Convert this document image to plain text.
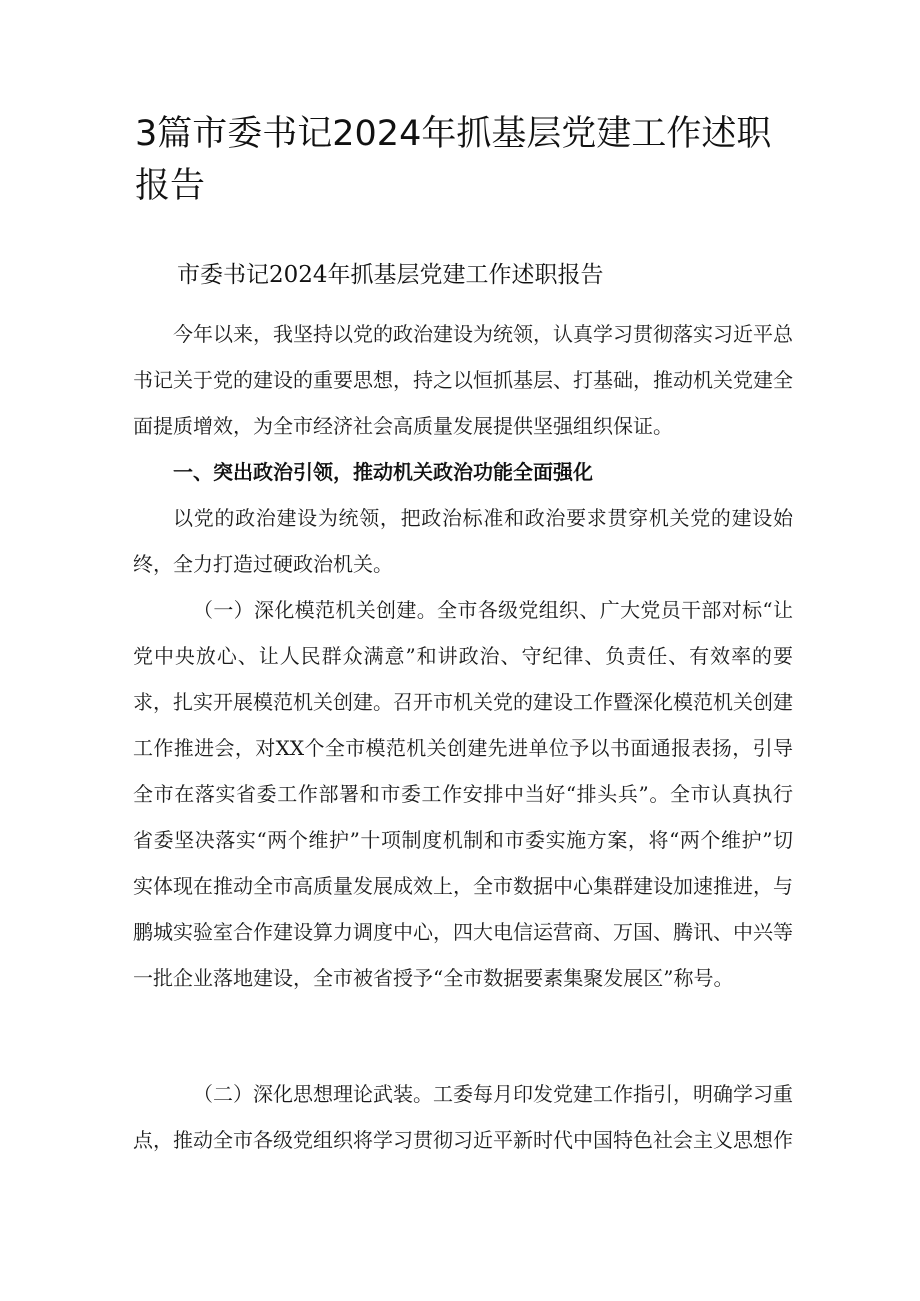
3篇市委书记2024年抓基层党建工作述职报告
市委书记2024年抓基层党建工作述职报告

今年以来，我坚持以党的政治建设为统领，认真学习贯彻落实习近平总书记关于党的建设的重要思想，持之以恒抓基层、打基础，推动机关党建全面提质增效，为全市经济社会高质量发展提供坚强组织保证。

一、突出政治引领，推动机关政治功能全面强化

以党的政治建设为统领，把政治标准和政治要求贯穿机关党的建设始终，全力打造过硬政治机关。

（一）深化模范机关创建。全市各级党组织、广大党员干部对标“让党中央放心、让人民群众满意”和讲政治、守纪律、负责任、有效率的要求，扎实开展模范机关创建。召开市机关党的建设工作暨深化模范机关创建工作推进会，对XX个全市模范机关创建先进单位予以书面通报表扬，引导全市在落实省委工作部署和市委工作安排中当好“排头兵”。全市认真执行省委坚决落实“两个维护”十项制度机制和市委实施方案，将“两个维护”切实体现在推动全市高质量发展成效上，全市数据中心集群建设加速推进，与鹏城实验室合作建设算力调度中心，四大电信运营商、万国、腾讯、中兴等一批企业落地建设，全市被省授予“全市数据要素集聚发展区”称号。

（二）深化思想理论武装。工委每月印发党建工作指引，明确学习重点，推动全市各级党组织将学习贯彻习近平新时代中国特色社会主义思想作
